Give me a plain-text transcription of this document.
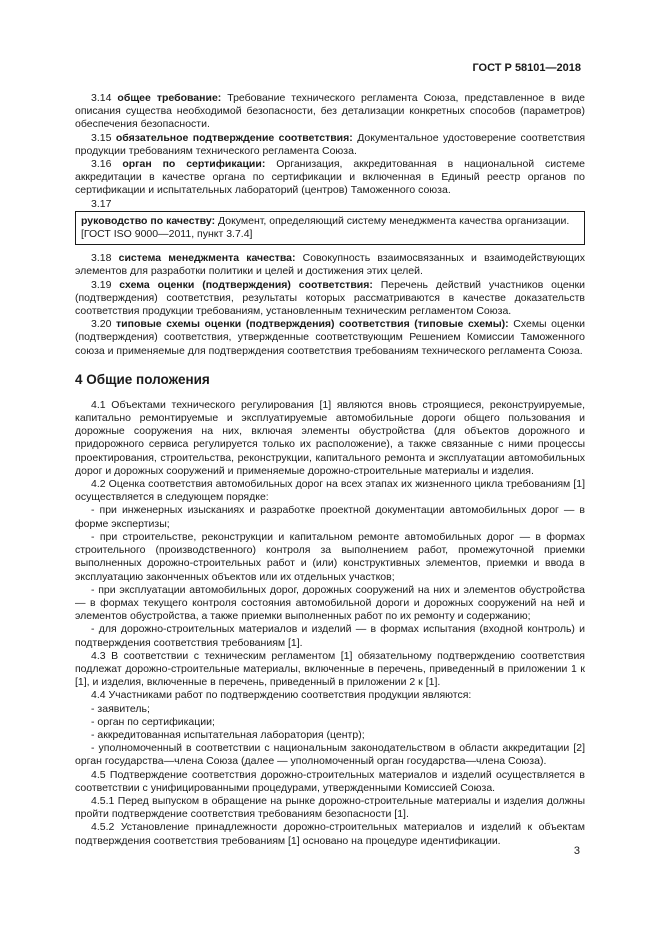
ГОСТ Р 58101—2018

3.14 общее требование: Требование технического регламента Союза, представленное в виде описания существа необходимой безопасности, без детализации конкретных способов (параметров) обеспечения безопасности.

3.15 обязательное подтверждение соответствия: Документальное удостоверение соответствия продукции требованиям технического регламента Союза.

3.16 орган по сертификации: Организация, аккредитованная в национальной системе аккредитации в качестве органа по сертификации и включенная в Единый реестр органов по сертификации и испытательных лабораторий (центров) Таможенного союза.

3.17

руководство по качеству: Документ, определяющий систему менеджмента качества организации.

[ГОСТ ISO 9000—2011, пункт 3.7.4]

3.18 система менеджмента качества: Совокупность взаимосвязанных и взаимодействующих элементов для разработки политики и целей и достижения этих целей.

3.19 схема оценки (подтверждения) соответствия: Перечень действий участников оценки (подтверждения) соответствия, результаты которых рассматриваются в качестве доказательств соответствия продукции требованиям, установленным техническим регламентом Союза.

3.20 типовые схемы оценки (подтверждения) соответствия (типовые схемы): Схемы оценки (подтверждения) соответствия, утвержденные соответствующим Решением Комиссии Таможенного союза и применяемые для подтверждения соответствия требованиям технического регламента Союза.

4 Общие положения

4.1 Объектами технического регулирования [1] являются вновь строящиеся, реконструируемые, капитально ремонтируемые и эксплуатируемые автомобильные дороги общего пользования и дорожные сооружения на них, включая элементы обустройства (для объектов дорожного и придорожного сервиса регулируется только их расположение), а также связанные с ними процессы проектирования, строительства, реконструкции, капитального ремонта и эксплуатации автомобильных дорог и дорожных сооружений и применяемые дорожно-строительные материалы и изделия.

4.2 Оценка соответствия автомобильных дорог на всех этапах их жизненного цикла требованиям [1] осуществляется в следующем порядке:

- при инженерных изысканиях и разработке проектной документации автомобильных дорог — в форме экспертизы;

- при строительстве, реконструкции и капитальном ремонте автомобильных дорог — в формах строительного (производственного) контроля за выполнением работ, промежуточной приемки выполненных дорожно-строительных работ и (или) конструктивных элементов, приемки и ввода в эксплуатацию законченных объектов или их отдельных участков;

- при эксплуатации автомобильных дорог, дорожных сооружений на них и элементов обустройства — в формах текущего контроля состояния автомобильной дороги и дорожных сооружений на ней и элементов обустройства, а также приемки выполненных работ по их ремонту и содержанию;

- для дорожно-строительных материалов и изделий — в формах испытания (входной контроль) и подтверждения соответствия требованиям [1].

4.3 В соответствии с техническим регламентом [1] обязательному подтверждению соответствия подлежат дорожно-строительные материалы, включенные в перечень, приведенный в приложении 1 к [1], и изделия, включенные в перечень, приведенный в приложении 2 к [1].

4.4 Участниками работ по подтверждению соответствия продукции являются:

- заявитель;

- орган по сертификации;

- аккредитованная испытательная лаборатория (центр);

- уполномоченный в соответствии с национальным законодательством в области аккредитации [2] орган государства—члена Союза (далее — уполномоченный орган государства—члена Союза).

4.5 Подтверждение соответствия дорожно-строительных материалов и изделий осуществляется в соответствии с унифицированными процедурами, утвержденными Комиссией Союза.

4.5.1 Перед выпуском в обращение на рынке дорожно-строительные материалы и изделия должны пройти подтверждение соответствия требованиям безопасности [1].

4.5.2 Установление принадлежности дорожно-строительных материалов и изделий к объектам подтверждения соответствия требованиям [1] основано на процедуре идентификации.

3
